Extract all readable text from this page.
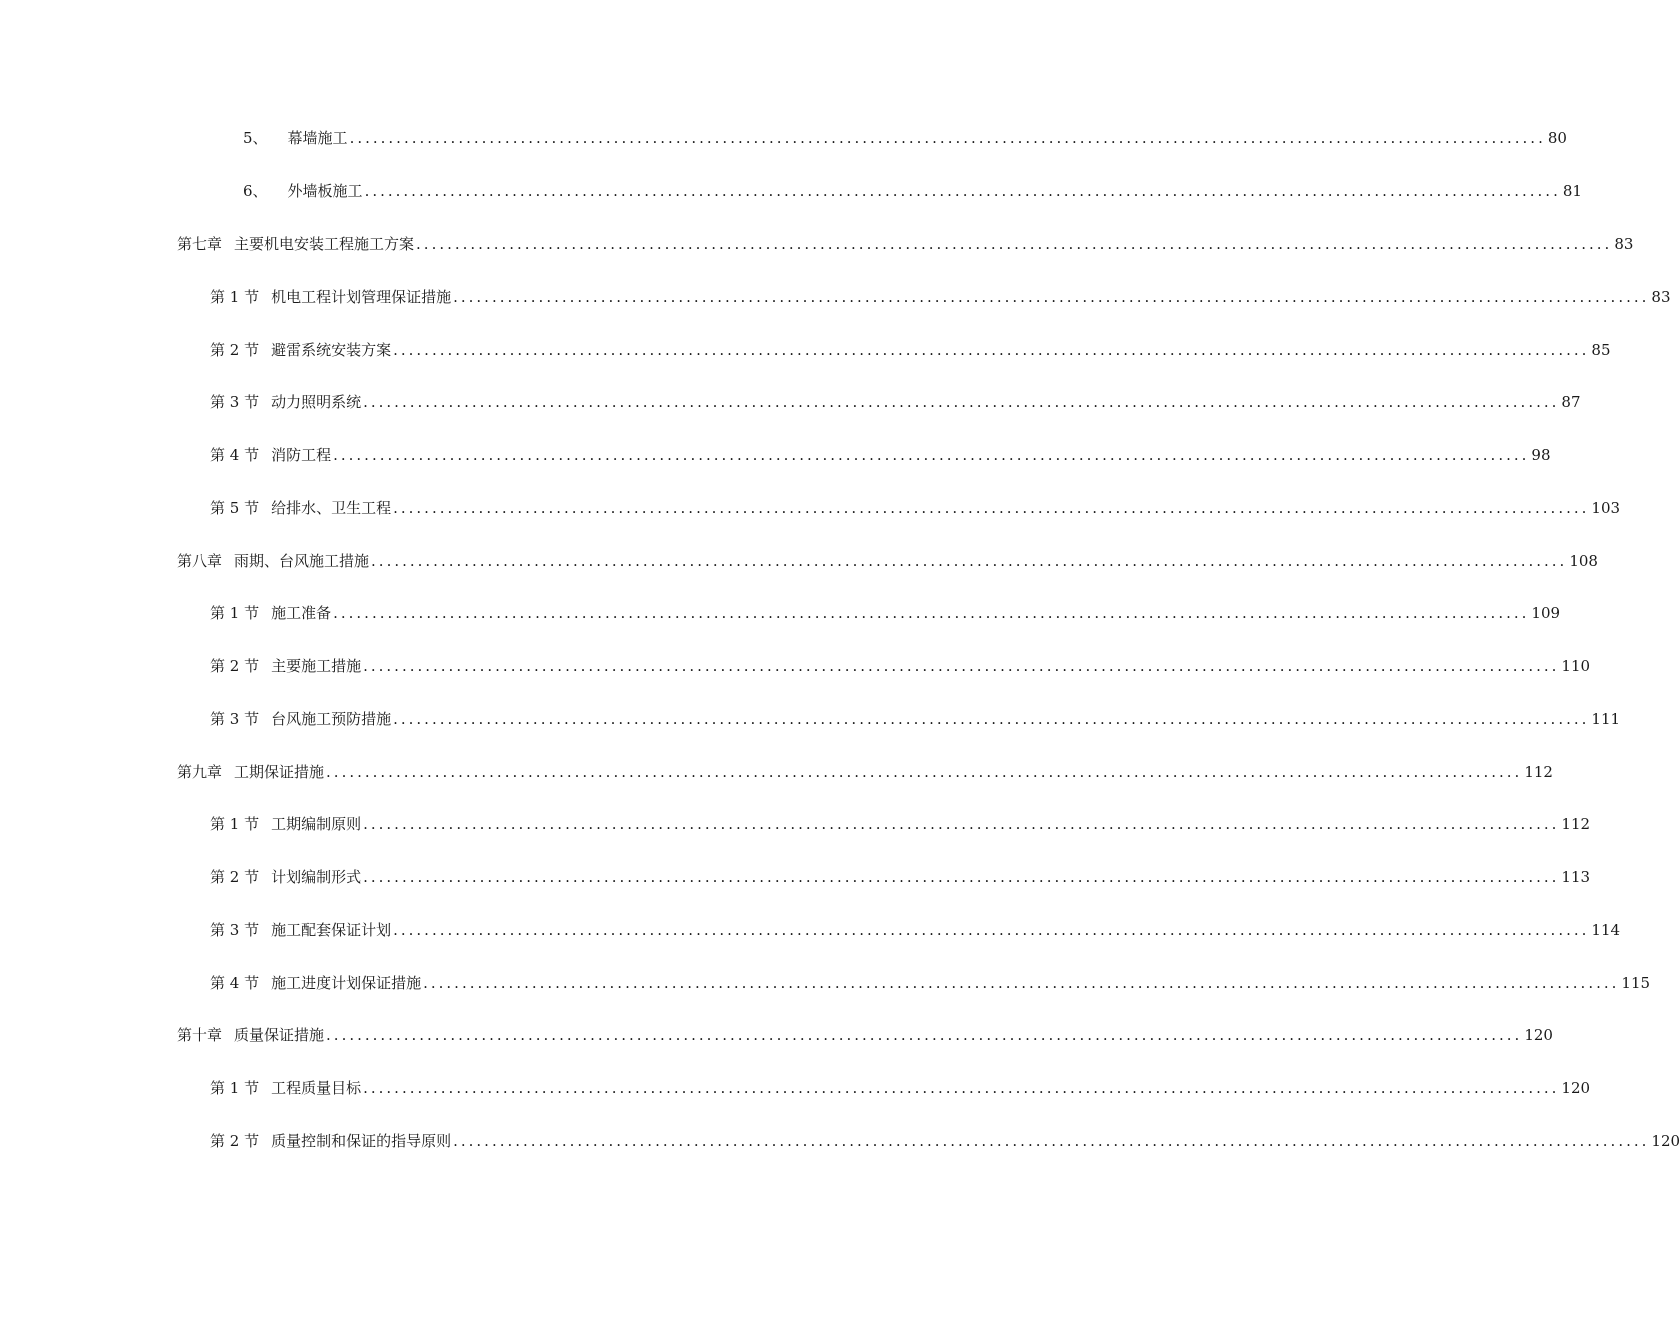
5、 幕墙施工 .......................................................................................................................................................... 80
6、 外墙板施工 .......................................................................................................................................................... 81
第七章 主要机电安装工程施工方案 .......................................................................................................................................................... 83
第 1 节 机电工程计划管理保证措施 .......................................................................................................................................................... 83
第 2 节 避雷系统安装方案 .......................................................................................................................................................... 85
第 3 节 动力照明系统 .......................................................................................................................................................... 87
第 4 节 消防工程 .......................................................................................................................................................... 98
第 5 节 给排水、卫生工程 .......................................................................................................................................................... 103
第八章 雨期、台风施工措施 .......................................................................................................................................................... 108
第 1 节 施工准备 .......................................................................................................................................................... 109
第 2 节 主要施工措施 .......................................................................................................................................................... 110
第 3 节 台风施工预防措施 .......................................................................................................................................................... 111
第九章 工期保证措施 .......................................................................................................................................................... 112
第 1 节 工期编制原则 .......................................................................................................................................................... 112
第 2 节 计划编制形式 .......................................................................................................................................................... 113
第 3 节 施工配套保证计划 .......................................................................................................................................................... 114
第 4 节 施工进度计划保证措施 .......................................................................................................................................................... 115
第十章 质量保证措施 .......................................................................................................................................................... 120
第 1 节 工程质量目标 .......................................................................................................................................................... 120
第 2 节 质量控制和保证的指导原则 .......................................................................................................................................................... 120
